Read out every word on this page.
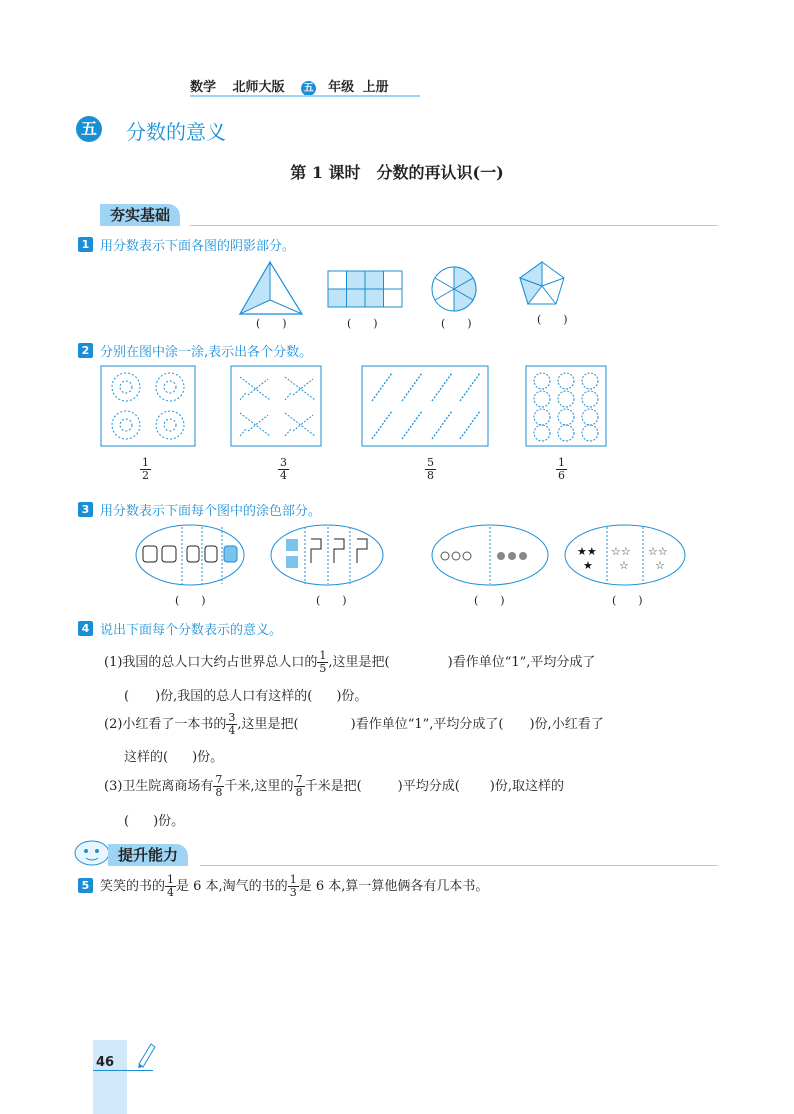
数学 北师大版 五 年级 上册
五 分数的意义
第 1 课时　分数的再认识(一)
夯实基础
1 用分数表示下面各图的阴影部分。
(　　)	(　　)	(　　)	(　　)
2 分别在图中涂一涂,表示出各个分数。
$\frac{1}{2}$	$\frac{3}{4}$	$\frac{5}{8}$	$\frac{1}{6}$
3 用分数表示下面每个图中的涂色部分。
★★
★
☆☆
☆
☆☆
☆
(　　)	(　　)	(　　)	(　　)
4 说出下面每个分数表示的意义。
(1)我国的总人口大约占世界总人口的 $\frac{1}{5}$ ,这里是把(	)看作单位“1”,平均分成了
( )份,我国的总人口有这样的( )份。
(2)小红看了一本书的 $\frac{3}{4}$ ,这里是把(	)看作单位“1”,平均分成了( )份,小红看了
这样的( )份。
(3)卫生院离商场有 $\frac{7}{8}$ 千米,这里的 $\frac{7}{8}$ 千米是把(	)平均分成( )份,取这样的
( )份。
提升能力
5 笑笑的书的 $\frac{1}{4}$ 是 6 本,淘气的书的 $\frac{1}{3}$ 是 6 本,算一算他俩各有几本书。
46
